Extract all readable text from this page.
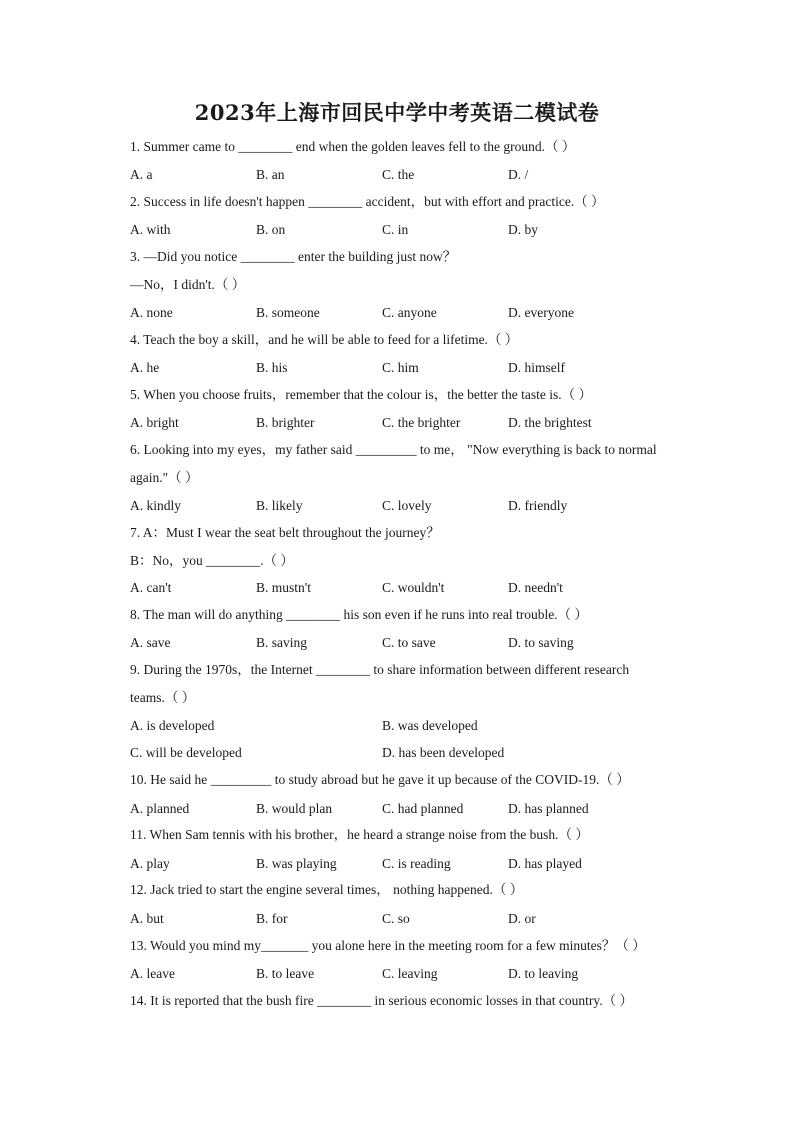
2023年上海市回民中学中考英语二模试卷
1. Summer came to ________ end when the golden leaves fell to the ground.（ ）
A. a	B. an	C. the	D. /
2. Success in life doesn't happen ________ accident，but with effort and practice.（ ）
A. with	B. on	C. in	D. by
3. —Did you notice ________ enter the building just now？
—No，I didn't.（ ）
A. none	B. someone	C. anyone	D. everyone
4. Teach the boy a skill，and he will be able to feed for a lifetime.（ ）
A. he	B. his	C. him	D. himself
5. When you choose fruits，remember that the colour is，the better the taste is.（ ）
A. bright	B. brighter	C. the brighter	D. the brightest
6. Looking into my eyes，my father said _________ to me， "Now everything is back to normal
again."（ ）
A. kindly	B. likely	C. lovely	D. friendly
7. A：Must I wear the seat belt throughout the journey？
B：No，you ________.（ ）
A. can't	B. mustn't	C. wouldn't	D. needn't
8. The man will do anything ________ his son even if he runs into real trouble.（ ）
A. save	B. saving	C. to save	D. to saving
9. During the 1970s，the Internet ________ to share information between different research
teams.（ ）
A. is developed	B. was developed
C. will be developed	D. has been developed
10. He said he _________ to study abroad but he gave it up because of the COVID-19.（ ）
A. planned	B. would plan	C. had planned	D. has planned
11. When Sam tennis with his brother，he heard a strange noise from the bush.（ ）
A. play	B. was playing	C. is reading	D. has played
12. Jack tried to start the engine several times， nothing happened.（ ）
A. but	B. for	C. so	D. or
13. Would you mind my_______ you alone here in the meeting room for a few minutes？（ ）
A. leave	B. to leave	C. leaving	D. to leaving
14. It is reported that the bush fire ________ in serious economic losses in that country.（ ）
